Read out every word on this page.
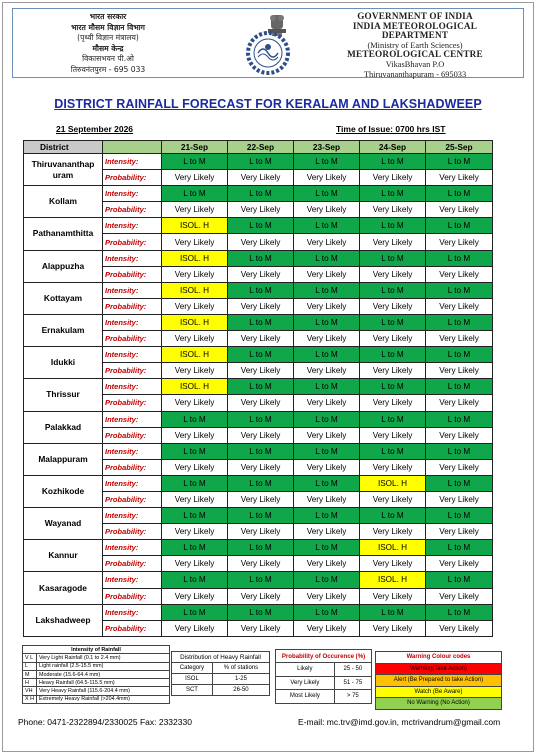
भारत सरकार
भारत मौसम विज्ञान विभाग
(पृथ्वी विज्ञान मंत्रालय)
मौसम केन्द्र
विकासभवन पी.ओ
तिरुवनंतपुरम - 695 033
GOVERNMENT OF INDIA
INDIA METEOROLOGICAL
DEPARTMENT
(Ministry of Earth Sciences)
METEOROLOGICAL CENTRE
VikasBhavan P.O
Thiruvananthapuram - 695033
DISTRICT RAINFALL FORECAST FOR KERALAM AND LAKSHADWEEP
21 September 2026	Time of Issue: 0700 hrs IST
District		21-Sep	22-Sep	23-Sep	24-Sep	25-Sep
Thiruvananthap uram	Intensity:	L to M	L to M	L to M	L to M	L to M
	Probability:	Very Likely	Very Likely	Very Likely	Very Likely	Very Likely
Kollam	Intensity:	L to M	L to M	L to M	L to M	L to M
	Probability:	Very Likely	Very Likely	Very Likely	Very Likely	Very Likely
Pathanamthitta	Intensity:	ISOL. H	L to M	L to M	L to M	L to M
	Probability:	Very Likely	Very Likely	Very Likely	Very Likely	Very Likely
Alappuzha	Intensity:	ISOL. H	L to M	L to M	L to M	L to M
	Probability:	Very Likely	Very Likely	Very Likely	Very Likely	Very Likely
Kottayam	Intensity:	ISOL. H	L to M	L to M	L to M	L to M
	Probability:	Very Likely	Very Likely	Very Likely	Very Likely	Very Likely
Ernakulam	Intensity:	ISOL. H	L to M	L to M	L to M	L to M
	Probability:	Very Likely	Very Likely	Very Likely	Very Likely	Very Likely
Idukki	Intensity:	ISOL. H	L to M	L to M	L to M	L to M
	Probability:	Very Likely	Very Likely	Very Likely	Very Likely	Very Likely
Thrissur	Intensity:	ISOL. H	L to M	L to M	L to M	L to M
	Probability:	Very Likely	Very Likely	Very Likely	Very Likely	Very Likely
Palakkad	Intensity:	L to M	L to M	L to M	L to M	L to M
	Probability:	Very Likely	Very Likely	Very Likely	Very Likely	Very Likely
Malappuram	Intensity:	L to M	L to M	L to M	L to M	L to M
	Probability:	Very Likely	Very Likely	Very Likely	Very Likely	Very Likely
Kozhikode	Intensity:	L to M	L to M	L to M	ISOL. H	L to M
	Probability:	Very Likely	Very Likely	Very Likely	Very Likely	Very Likely
Wayanad	Intensity:	L to M	L to M	L to M	L to M	L to M
	Probability:	Very Likely	Very Likely	Very Likely	Very Likely	Very Likely
Kannur	Intensity:	L to M	L to M	L to M	ISOL. H	L to M
	Probability:	Very Likely	Very Likely	Very Likely	Very Likely	Very Likely
Kasaragode	Intensity:	L to M	L to M	L to M	ISOL. H	L to M
	Probability:	Very Likely	Very Likely	Very Likely	Very Likely	Very Likely
Lakshadweep	Intensity:	L to M	L to M	L to M	L to M	L to M
	Probability:	Very Likely	Very Likely	Very Likely	Very Likely	Very Likely
Intensity of Rainfall	
V L	Very Light Rainfall (0.1 to 2.4 mm)
L	Light rainfall (2.5-15.5 mm)
M	Moderate (15.6-64.4 mm)
H	Heavy Rainfall (64.5-115.5 mm)
VH	Very Heavy Rainfall (115.6-204.4 mm)
X H	Extremely Heavy Rainfall (>204.4mm)
Distribution of Heavy Rainfall	
Category	% of stations
ISOL	1-25
SCT	26-50
Probability of Occurence (%)	
Likely	25 - 50
Very Likely	51 - 75
Most Likely	> 75
Warning Colour codes
Warning(Take Action)
Alert (Be Prepared to take Action)
Watch (Be Aware)
No Warning (No Action)
Phone: 0471-2322894/2330025 Fax: 2332330	E-mail: mc.trv@imd.gov.in, mctrivandrum@gmail.com
